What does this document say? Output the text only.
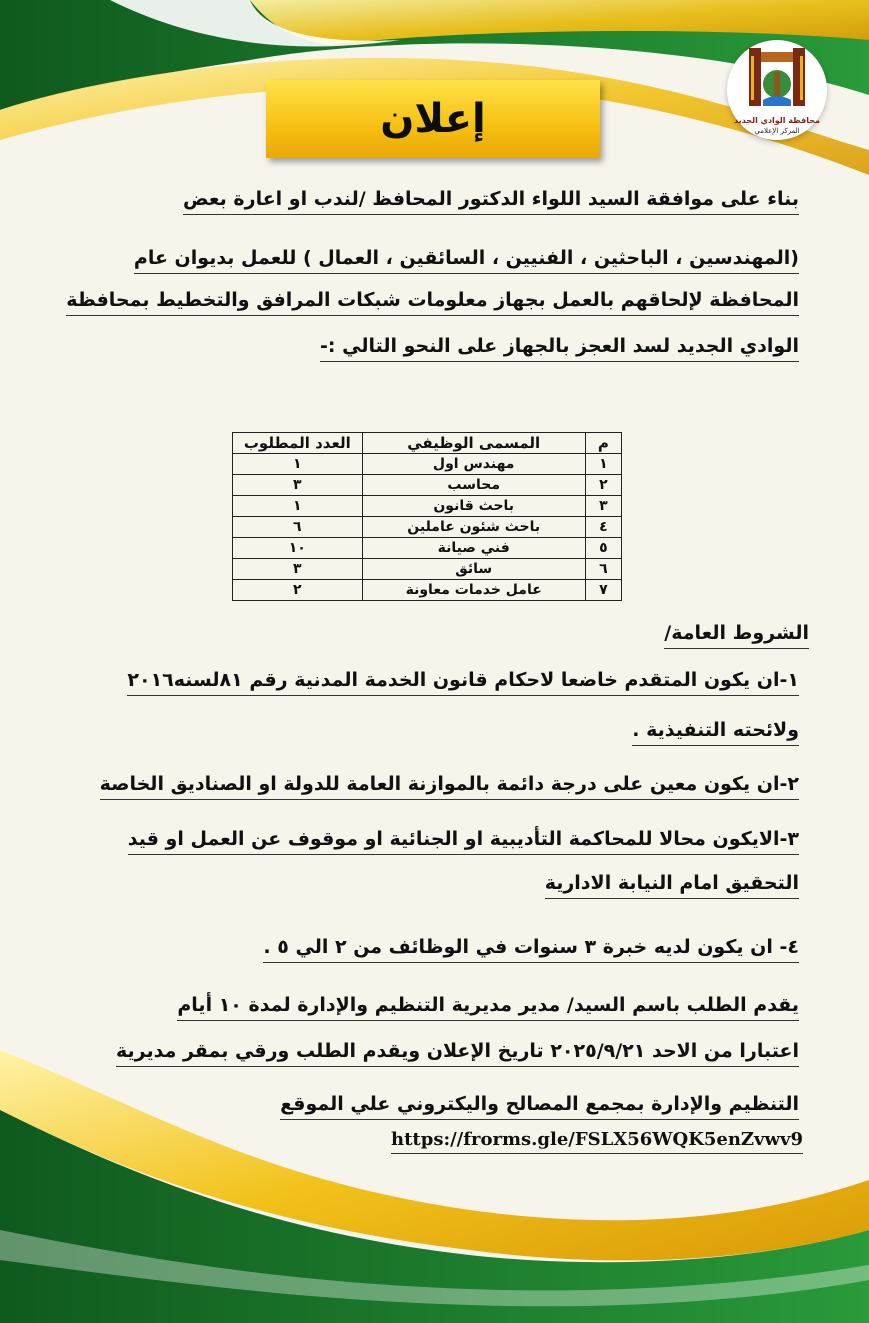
محافظة الوادي الجديد
المركز الإعلامي
إعلان
بناء على موافقة السيد اللواء الدكتور المحافظ /لندب او اعارة بعض
(المهندسين ، الباحثين ، الفنيين ، السائقين ، العمال ) للعمل بديوان عام
المحافظة لإلحاقهم بالعمل بجهاز معلومات شبكات المرافق والتخطيط بمحافظة
الوادي الجديد لسد العجز بالجهاز على النحو التالي :-
م	المسمى الوظيفي	العدد المطلوب
١	مهندس اول	١
٢	محاسب	٣
٣	باحث قانون	١
٤	باحث شئون عاملين	٦
٥	فني صيانة	١٠
٦	سائق	٣
٧	عامل خدمات معاونة	٢
الشروط العامة/
١-ان يكون المتقدم خاضعا لاحكام قانون الخدمة المدنية رقم ٨١لسنه٢٠١٦
ولائحته التنفيذية .
٢-ان يكون معين على درجة دائمة بالموازنة العامة للدولة او الصناديق الخاصة
٣-الايكون محالا للمحاكمة التأديبية او الجنائية او موقوف عن العمل او قيد
التحقيق امام النيابة الادارية
٤- ان يكون لديه خبرة ٣ سنوات في الوظائف من ٢ الي ٥ .
يقدم الطلب باسم السيد/ مدير مديرية التنظيم والإدارة لمدة ١٠ أيام
اعتبارا من الاحد ٢٠٢٥/٩/٢١ تاريخ الإعلان ويقدم الطلب ورقي بمقر مديرية
التنظيم والإدارة بمجمع المصالح واليكتروني علي الموقع
https://frorms.gle/FSLX56WQK5enZvwv9
